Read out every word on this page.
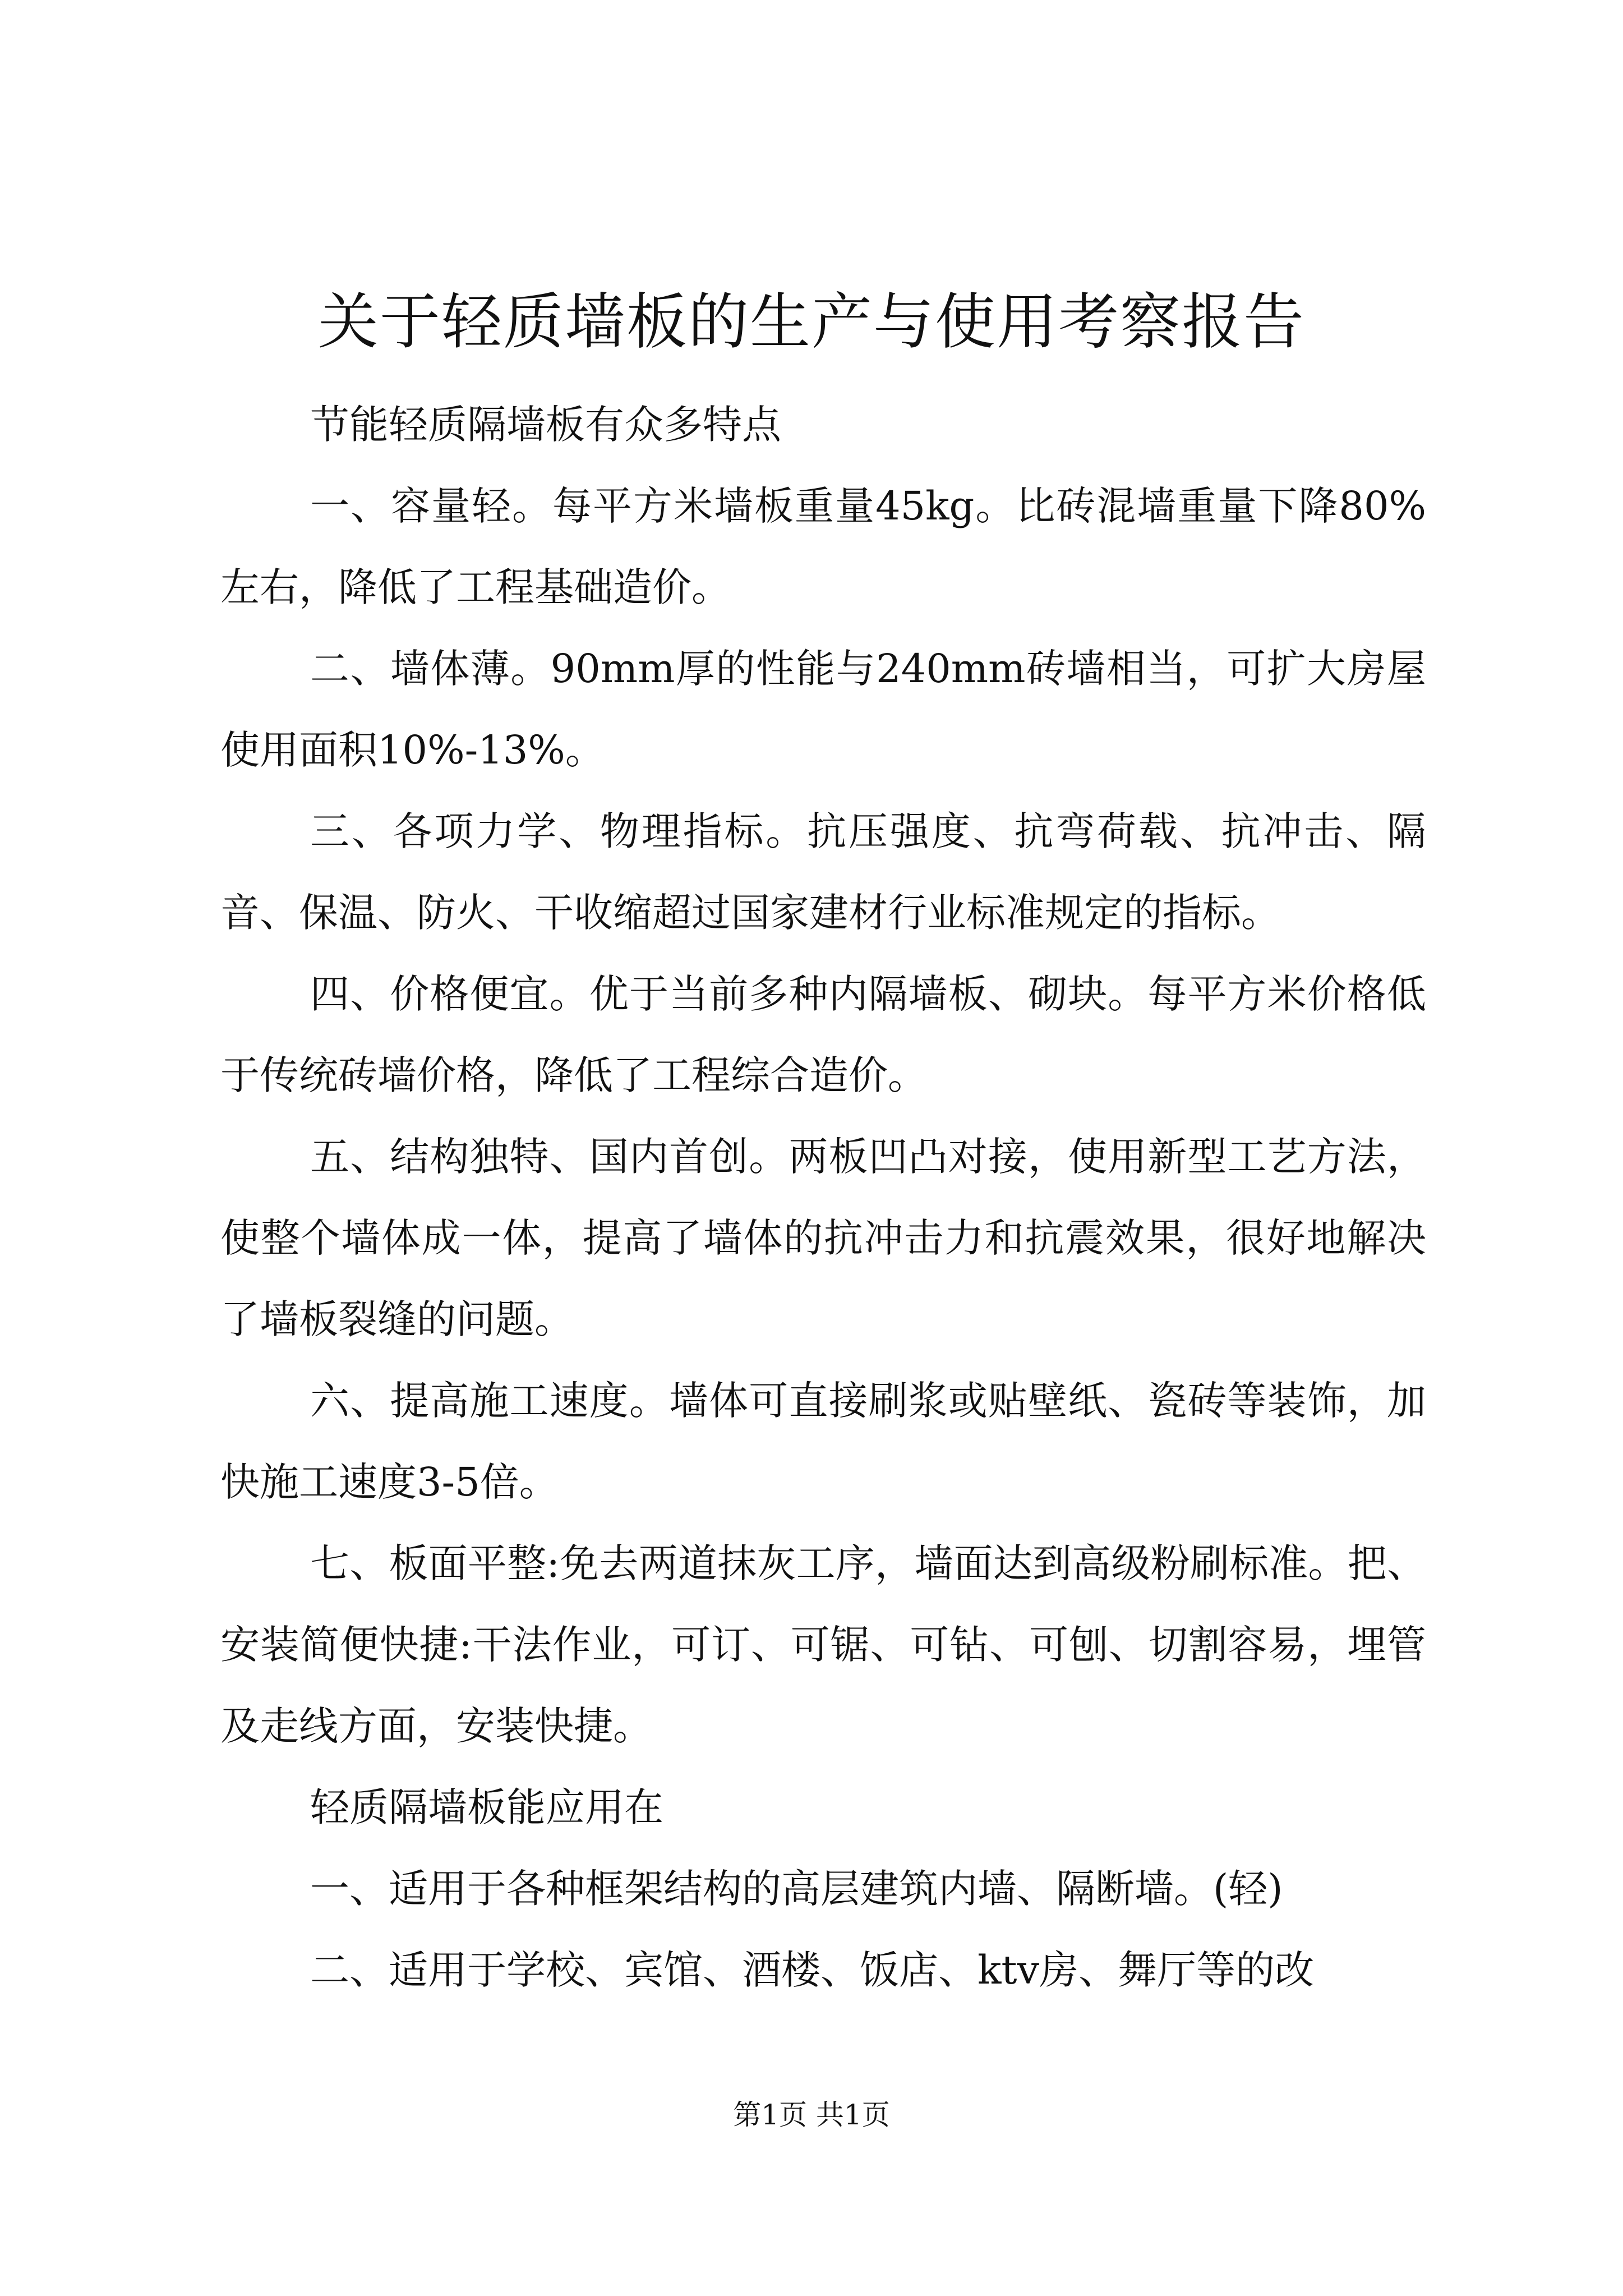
关于轻质墙板的生产与使用考察报告

节能轻质隔墙板有众多特点

一、容量轻。每平方米墙板重量45kg。比砖混墙重量下降80%左右，降低了工程基础造价。

二、墙体薄。90mm厚的性能与240mm砖墙相当，可扩大房屋使用面积10%-13%。

三、各项力学、物理指标。抗压强度、抗弯荷载、抗冲击、隔音、保温、防火、干收缩超过国家建材行业标准规定的指标。

四、价格便宜。优于当前多种内隔墙板、砌块。每平方米价格低于传统砖墙价格，降低了工程综合造价。

五、结构独特、国内首创。两板凹凸对接，使用新型工艺方法，使整个墙体成一体，提高了墙体的抗冲击力和抗震效果，很好地解决了墙板裂缝的问题。

六、提高施工速度。墙体可直接刷浆或贴壁纸、瓷砖等装饰，加快施工速度3-5倍。

七、板面平整:免去两道抹灰工序，墙面达到高级粉刷标准。把、安装简便快捷:干法作业，可订、可锯、可钻、可刨、切割容易，埋管及走线方面，安装快捷。

轻质隔墙板能应用在

一、适用于各种框架结构的高层建筑内墙、隔断墙。(轻)

二、适用于学校、宾馆、酒楼、饭店、ktv房、舞厅等的改

第1页 共1页
